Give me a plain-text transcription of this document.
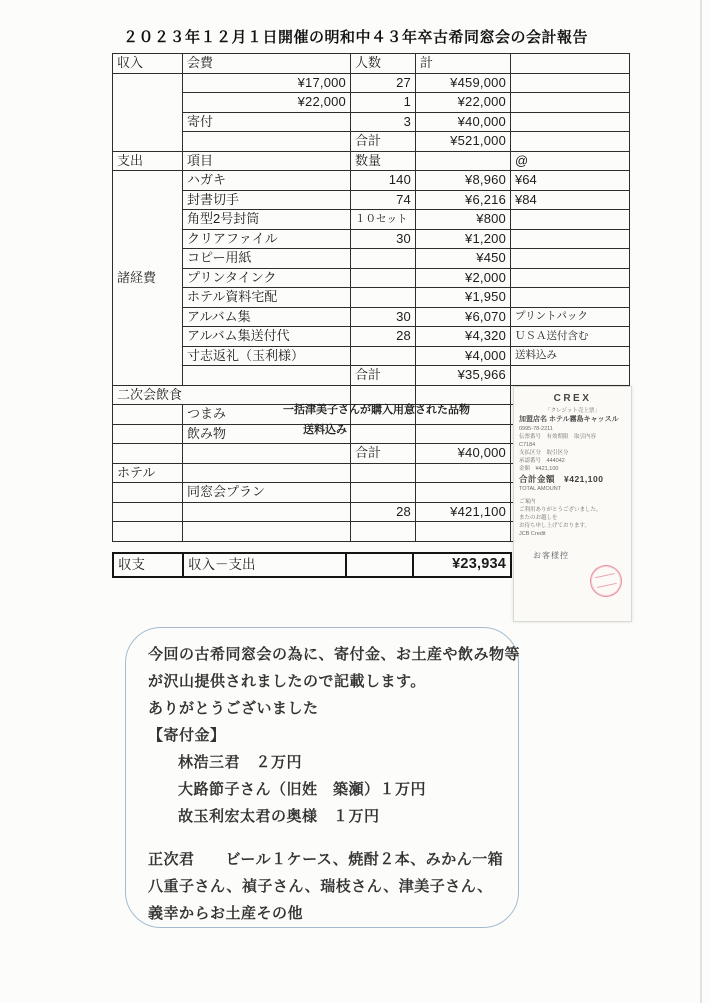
２０２３年１２月１日開催の明和中４３年卒古希同窓会の会計報告
収入	会費	人数	計	
	¥17,000	27	¥459,000	
	¥22,000	1	¥22,000	
	寄付	3	¥40,000	
		合計	¥521,000	
支出	項目	数量		@
諸経費	ハガキ	140	¥8,960	¥64
	封書切手	74	¥6,216	¥84
	角型2号封筒	１０セット	¥800	
	クリアファイル	30	¥1,200	
	コピー用紙		¥450	
	プリンタインク		¥2,000	
	ホテル資料宅配		¥1,950	
	アルバム集	30	¥6,070	プリントパック
	アルバム集送付代	28	¥4,320	ＵＳＡ送付含む
	寸志返礼（玉利様）		¥4,000	送料込み
		合計	¥35,966	
二次会飲食				
	つまみ			
	飲み物			
		合計	¥40,000	
ホテル				
	同窓会プラン			
		28	¥421,100	

一括津美子さんが購入用意された品物
送料込み
収支	収入－支出		¥23,934
CREX
「クレジット売上票」
加盟店名 ホテル霧島キャッスル
0995-78-2211
伝票番号　有効期限　取引内容
C7184
支払区分　取引区分
承認番号　444042
金額　¥421,100
合計金額　¥421,100
TOTAL AMOUNT
ご案内
ご利用ありがとうございました。
またのお越しを
お待ち申し上げております。
JCB Credit
お客様控
今回の古希同窓会の為に、寄付金、お土産や飲み物等
が沢山提供されましたので記載します。
ありがとうございました
【寄付金】
林浩三君　２万円
大路節子さん（旧姓　築瀬）１万円
故玉利宏太君の奥様　１万円
正次君　　ビール１ケース、焼酎２本、みかん一箱
八重子さん、禎子さん、瑞枝さん、津美子さん、
義幸からお土産その他
